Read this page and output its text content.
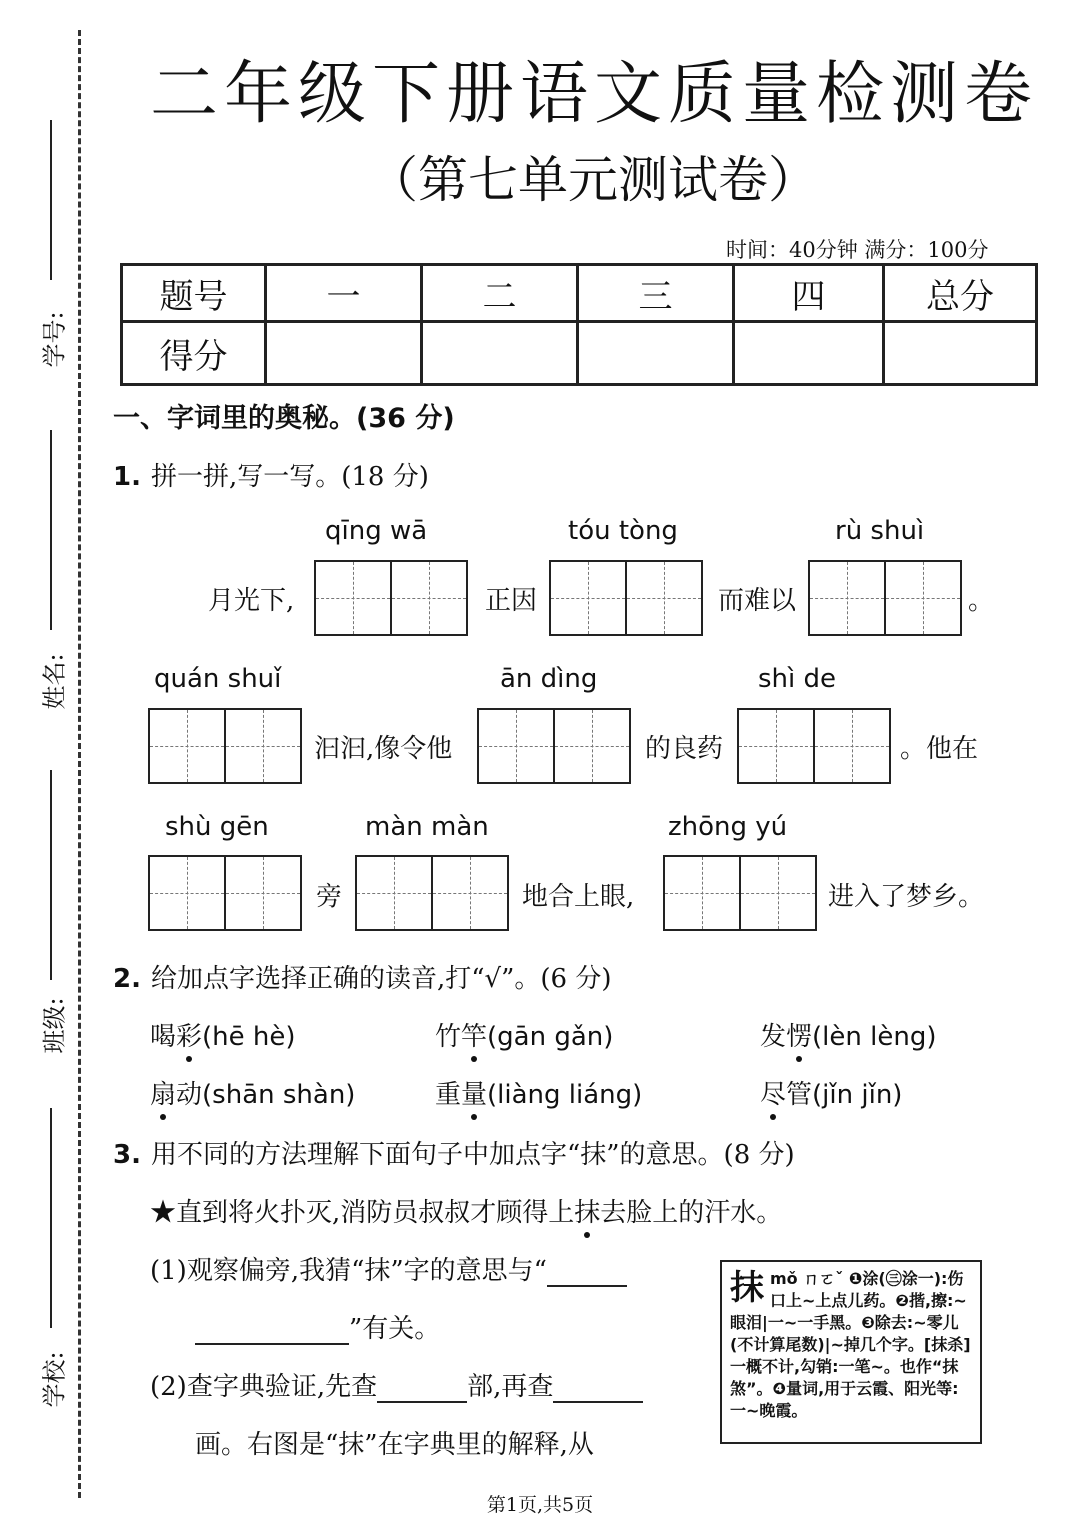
学号:
姓名:
班级:
学校:
二年级下册语文质量检测卷
（第七单元测试卷）
时间：40分钟 满分：100分
题号	一	二	三	四	总分
得分					
一、字词里的奥秘。(36 分)
1. 拼一拼,写一写。(18 分)
qīng wā	tóu tòng	rù shuì
月光下,	正因	而难以	。
quán shuǐ	ān dìng	shì de
汩汩,像令他	的良药	。他在
shù gēn	màn màn	zhōng yú
旁	地合上眼,	进入了梦乡。
2. 给加点字选择正确的读音,打“√”。(6 分)
喝彩(hē hè)	竹竿(gān gǎn)	发愣(lèn lèng)
扇动(shān shàn)	重量(liàng liáng)	尽管(jǐn jǐn)
3. 用不同的方法理解下面句子中加点字“抹”的意思。(8 分)
★直到将火扑灭,消防员叔叔才顾得上抹去脸上的汗水。
(1)观察偏旁,我猜“抹”字的意思与“
”有关。
(2)查字典验证,先查	部,再查
画。右图是“抹”在字典里的解释,从
抹 mǒ ㄇㄛˇ ❶涂(㊂涂一):伤口上~上点儿药。❷揩,擦:~眼泪|一~一手黑。❸除去:~零儿(不计算尾数)|~掉几个字。[抹杀]一概不计,勾销:一笔~。也作“抹煞”。❹量词,用于云霞、阳光等:一~晚霞。
第1页,共5页
